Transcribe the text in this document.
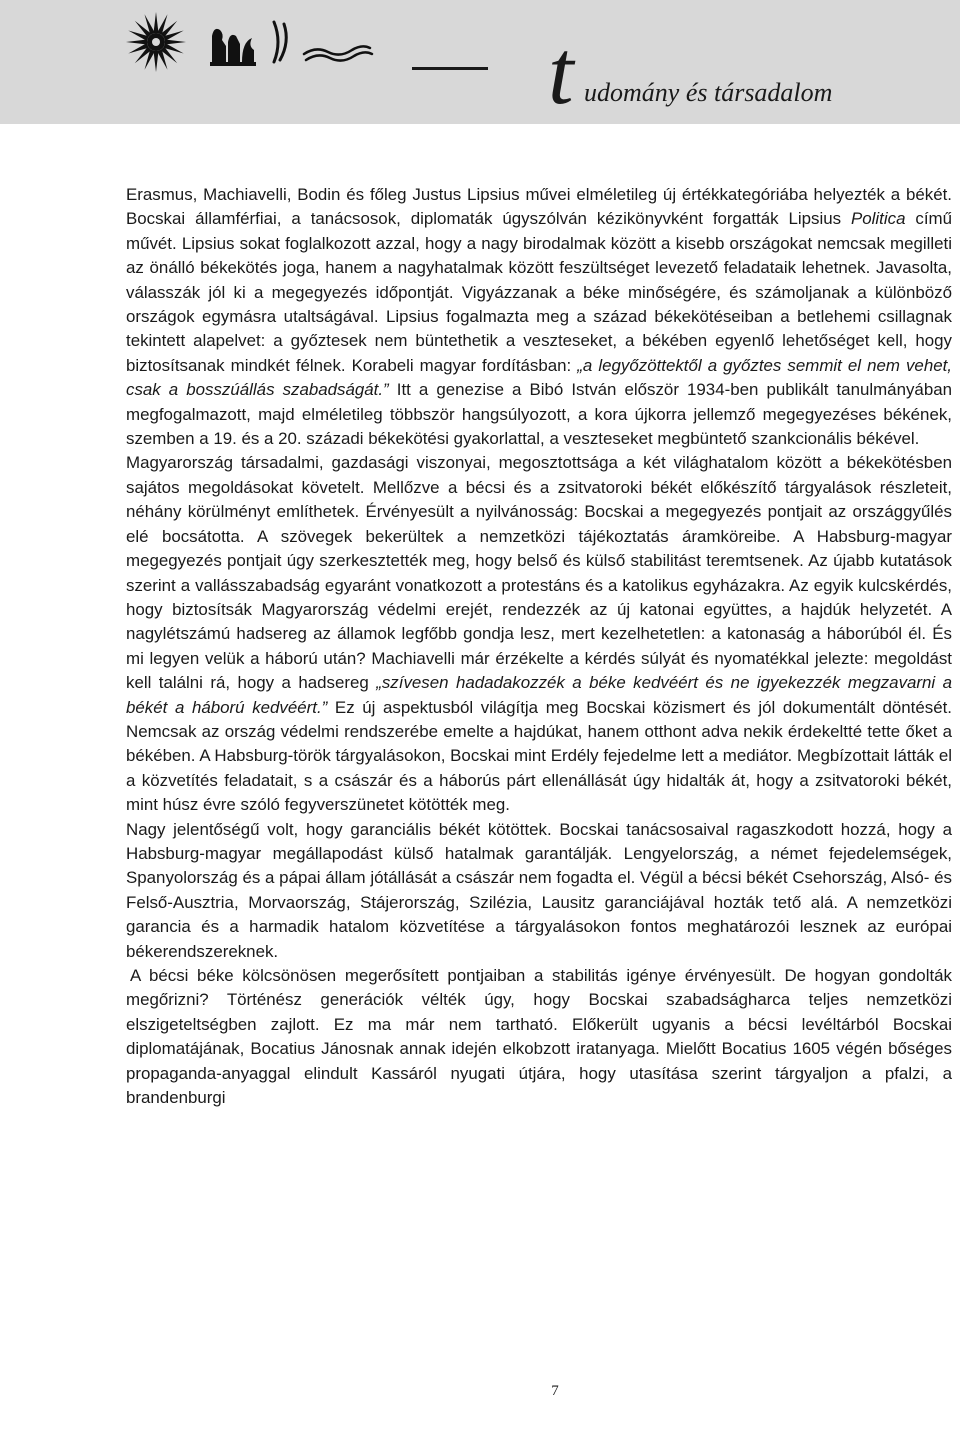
t udomány és társadalom

Erasmus, Machiavelli, Bodin és főleg Justus Lipsius művei elméletileg új értékkategóriába helyezték a békét. Bocskai államférfiai, a tanácsosok, diplomaták úgyszólván kézikönyvként forgatták Lipsius Politica című művét. Lipsius sokat foglalkozott azzal, hogy a nagy birodalmak között a kisebb országokat nemcsak megilleti az önálló békekötés joga, hanem a nagyhatalmak között feszültséget levezető feladataik lehetnek. Javasolta, válasszák jól ki a megegyezés időpontját. Vigyázzanak a béke minőségére, és számoljanak a különböző országok egymásra utaltságával. Lipsius fogalmazta meg a század békekötéseiban a betlehemi csillagnak tekintett alapelvet: a győztesek nem büntethetik a veszteseket, a békében egyenlő lehetőséget kell, hogy biztosítsanak mindkét félnek. Korabeli magyar fordításban: „a legyőzöttektől a győztes semmit el nem vehet, csak a bosszúállás szabadságát.” Itt a genezise a Bibó István először 1934-ben publikált tanulmányában megfogalmazott, majd elméletileg többször hangsúlyozott, a kora újkorra jellemző megegyezéses békének, szemben a 19. és a 20. századi békekötési gyakorlattal, a veszteseket megbüntető szankcionális békével.

Magyarország társadalmi, gazdasági viszonyai, megosztottsága a két világhatalom között a békekötésben sajátos megoldásokat követelt. Mellőzve a bécsi és a zsitvatoroki békét előkészítő tárgyalások részleteit, néhány körülményt említhetek. Érvényesült a nyilvánosság: Bocskai a megegyezés pontjait az országgyűlés elé bocsátotta. A szövegek bekerültek a nemzetközi tájékoztatás áramköreibe. A Habsburg-magyar megegyezés pontjait úgy szerkesztették meg, hogy belső és külső stabilitást teremtsenek. Az újabb kutatások szerint a vallásszabadság egyaránt vonatkozott a protestáns és a katolikus egyházakra. Az egyik kulcskérdés, hogy biztosítsák Magyarország védelmi erejét, rendezzék az új katonai együttes, a hajdúk helyzetét. A nagylétszámú hadsereg az államok legfőbb gondja lesz, mert kezelhetetlen: a katonaság a háborúból él. És mi legyen velük a háború után? Machiavelli már érzékelte a kérdés súlyát és nyomatékkal jelezte: megoldást kell találni rá, hogy a hadsereg „szívesen hadadakozzék a béke kedvéért és ne igyekezzék megzavarni a békét a háború kedvéért.” Ez új aspektusból világítja meg Bocskai közismert és jól dokumentált döntését. Nemcsak az ország védelmi rendszerébe emelte a hajdúkat, hanem otthont adva nekik érdekeltté tette őket a békében. A Habsburg-török tárgyalásokon, Bocskai mint Erdély fejedelme lett a mediátor. Megbízottait látták el a közvetítés feladatait, s a császár és a háborús párt ellenállását úgy hidalták át, hogy a zsitvatoroki békét, mint húsz évre szóló fegyverszünetet kötötték meg.

Nagy jelentőségű volt, hogy garanciális békét kötöttek. Bocskai tanácsosaival ragaszkodott hozzá, hogy a Habsburg-magyar megállapodást külső hatalmak garantálják. Lengyelország, a német fejedelemségek, Spanyolország és a pápai állam jótállását a császár nem fogadta el. Végül a bécsi békét Csehország, Alsó- és Felső-Ausztria, Morvaország, Stájerország, Szilézia, Lausitz garanciájával hozták tető alá. A nemzetközi garancia és a harmadik hatalom közvetítése a tárgyalásokon fontos meghatározói lesznek az európai békerendszereknek.

A bécsi béke kölcsönösen megerősített pontjaiban a stabilitás igénye érvényesült. De hogyan gondolták megőrizni? Történész generációk vélték úgy, hogy Bocskai szabadságharca teljes nemzetközi elszigeteltségben zajlott. Ez ma már nem tartható. Előkerült ugyanis a bécsi levéltárból Bocskai diplomatájának, Bocatius Jánosnak annak idején elkobzott iratanyaga. Mielőtt Bocatius 1605 végén bőséges propaganda-anyaggal elindult Kassáról nyugati útjára, hogy utasítása szerint tárgyaljon a pfalzi, a brandenburgi

7
